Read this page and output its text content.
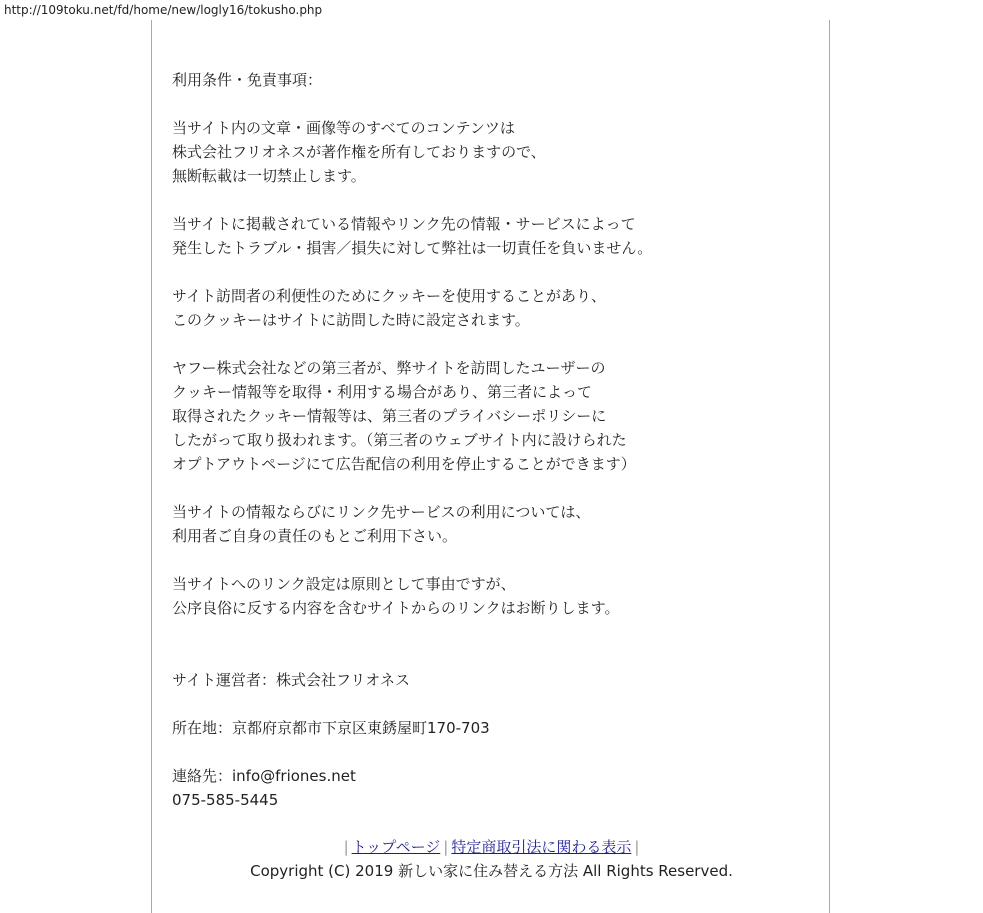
http://109toku.net/fd/home/new/logly16/tokusho.php
利用条件・免責事項：
当サイト内の文章・画像等のすべてのコンテンツは
株式会社フリオネスが著作権を所有しておりますので、
無断転載は一切禁止します。
当サイトに掲載されている情報やリンク先の情報・サービスによって
発生したトラブル・損害／損失に対して弊社は一切責任を負いません。
サイト訪問者の利便性のためにクッキーを使用することがあり、
このクッキーはサイトに訪問した時に設定されます。
ヤフー株式会社などの第三者が、弊サイトを訪問したユーザーの
クッキー情報等を取得・利用する場合があり、第三者によって
取得されたクッキー情報等は、第三者のプライバシーポリシーに
したがって取り扱われます。（第三者のウェブサイト内に設けられた
オプトアウトページにて広告配信の利用を停止することができます）
当サイトの情報ならびにリンク先サービスの利用については、
利用者ご自身の責任のもとご利用下さい。
当サイトへのリンク設定は原則として事由ですが、
公序良俗に反する内容を含むサイトからのリンクはお断りします。
サイト運営者：株式会社フリオネス
所在地：京都府京都市下京区東銹屋町170-703
連絡先：info@friones.net
075-585-5445
| トップページ | 特定商取引法に関わる表示 |
Copyright (C) 2019 新しい家に住み替える方法 All Rights Reserved.
